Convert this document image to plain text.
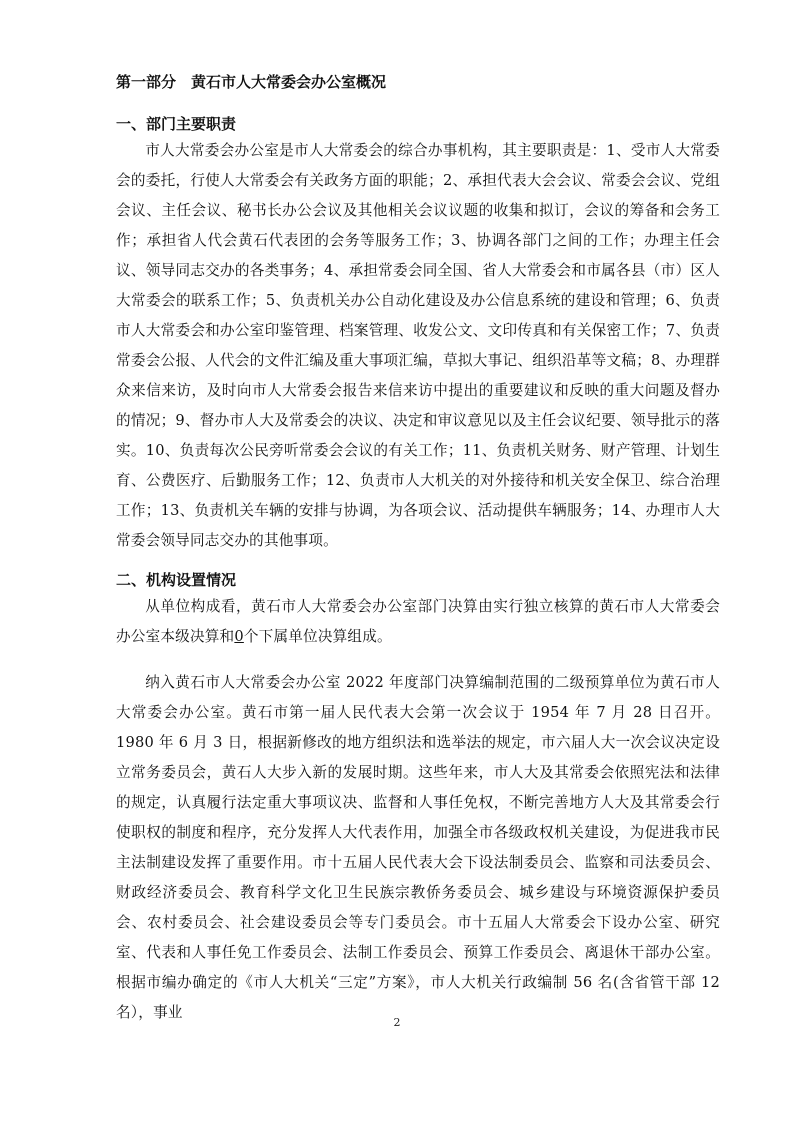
第一部分　黄石市人大常委会办公室概况
一、部门主要职责

市人大常委会办公室是市人大常委会的综合办事机构，其主要职责是：1、受市人大常委会的委托，行使人大常委会有关政务方面的职能；2、承担代表大会会议、常委会会议、党组会议、主任会议、秘书长办公会议及其他相关会议议题的收集和拟订，会议的筹备和会务工作；承担省人代会黄石代表团的会务等服务工作；3、协调各部门之间的工作；办理主任会议、领导同志交办的各类事务；4、承担常委会同全国、省人大常委会和市属各县（市）区人大常委会的联系工作；5、负责机关办公自动化建设及办公信息系统的建设和管理；6、负责市人大常委会和办公室印鉴管理、档案管理、收发公文、文印传真和有关保密工作；7、负责常委会公报、人代会的文件汇编及重大事项汇编，草拟大事记、组织沿革等文稿；8、办理群众来信来访，及时向市人大常委会报告来信来访中提出的重要建议和反映的重大问题及督办的情况；9、督办市人大及常委会的决议、决定和审议意见以及主任会议纪要、领导批示的落实。10、负责每次公民旁听常委会会议的有关工作；11、负责机关财务、财产管理、计划生育、公费医疗、后勤服务工作；12、负责市人大机关的对外接待和机关安全保卫、综合治理工作；13、负责机关车辆的安排与协调，为各项会议、活动提供车辆服务；14、办理市人大常委会领导同志交办的其他事项。

二、机构设置情况

从单位构成看，黄石市人大常委会办公室部门决算由实行独立核算的黄石市人大常委会办公室本级决算和0个下属单位决算组成。

纳入黄石市人大常委会办公室 2022 年度部门决算编制范围的二级预算单位为黄石市人大常委会办公室。黄石市第一届人民代表大会第一次会议于 1954 年 7 月 28 日召开。1980 年 6 月 3 日，根据新修改的地方组织法和选举法的规定，市六届人大一次会议决定设立常务委员会，黄石人大步入新的发展时期。这些年来，市人大及其常委会依照宪法和法律的规定，认真履行法定重大事项议决、监督和人事任免权，不断完善地方人大及其常委会行使职权的制度和程序，充分发挥人大代表作用，加强全市各级政权机关建设，为促进我市民主法制建设发挥了重要作用。市十五届人民代表大会下设法制委员会、监察和司法委员会、财政经济委员会、教育科学文化卫生民族宗教侨务委员会、城乡建设与环境资源保护委员会、农村委员会、社会建设委员会等专门委员会。市十五届人大常委会下设办公室、研究室、代表和人事任免工作委员会、法制工作委员会、预算工作委员会、离退休干部办公室。根据市编办确定的《市人大机关“三定”方案》，市人大机关行政编制 56 名(含省管干部 12 名），事业

2
